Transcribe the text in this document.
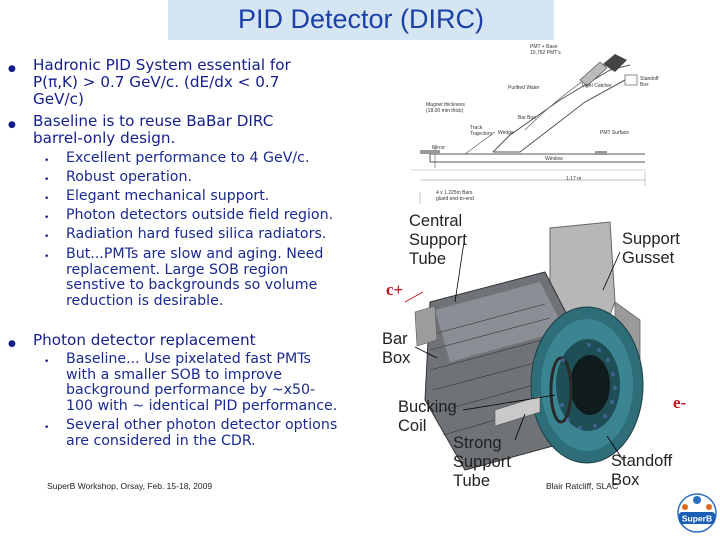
PID Detector (DIRC)
● Hadronic PID System essential for
P(π,K) > 0.7 GeV/c. (dE/dx < 0.7
GeV/c)
● Baseline is to reuse BaBar DIRC
barrel-only design.
• Excellent performance to 4 GeV/c.
• Robust operation.
• Elegant mechanical support.
• Photon detectors outside field region.
• Radiation hard fused silica radiators.
• But...PMTs are slow and aging. Need
replacement. Large SOB region
senstive to backgrounds so volume
reduction is desirable.
● Photon detector replacement
• Baseline... Use pixelated fast PMTs
with a smaller SOB to improve
background performance by ~x50-
100 with ~ identical PID performance.
• Several other photon detector options
are considered in the CDR.
PMT + Base
10,752 PMT's
Purified Water	Light Catcher
Standoff
Box
Magnet thickness
(18.00 mm thick)
Bar Box
Track
Trajectory Wedge	PMT Surface
Mirror
Window
1.17 m
4 x 1.225m Bars
glued end-to-end
Central
Support
Tube
Support
Gusset
c+
Bar
Box
Bucking
Coil
e-
Strong
Support
Tube
Standoff
Box
SuperB Workshop, Orsay, Feb. 15-18, 2009	Blair Ratcliff, SLAC
SuperB
